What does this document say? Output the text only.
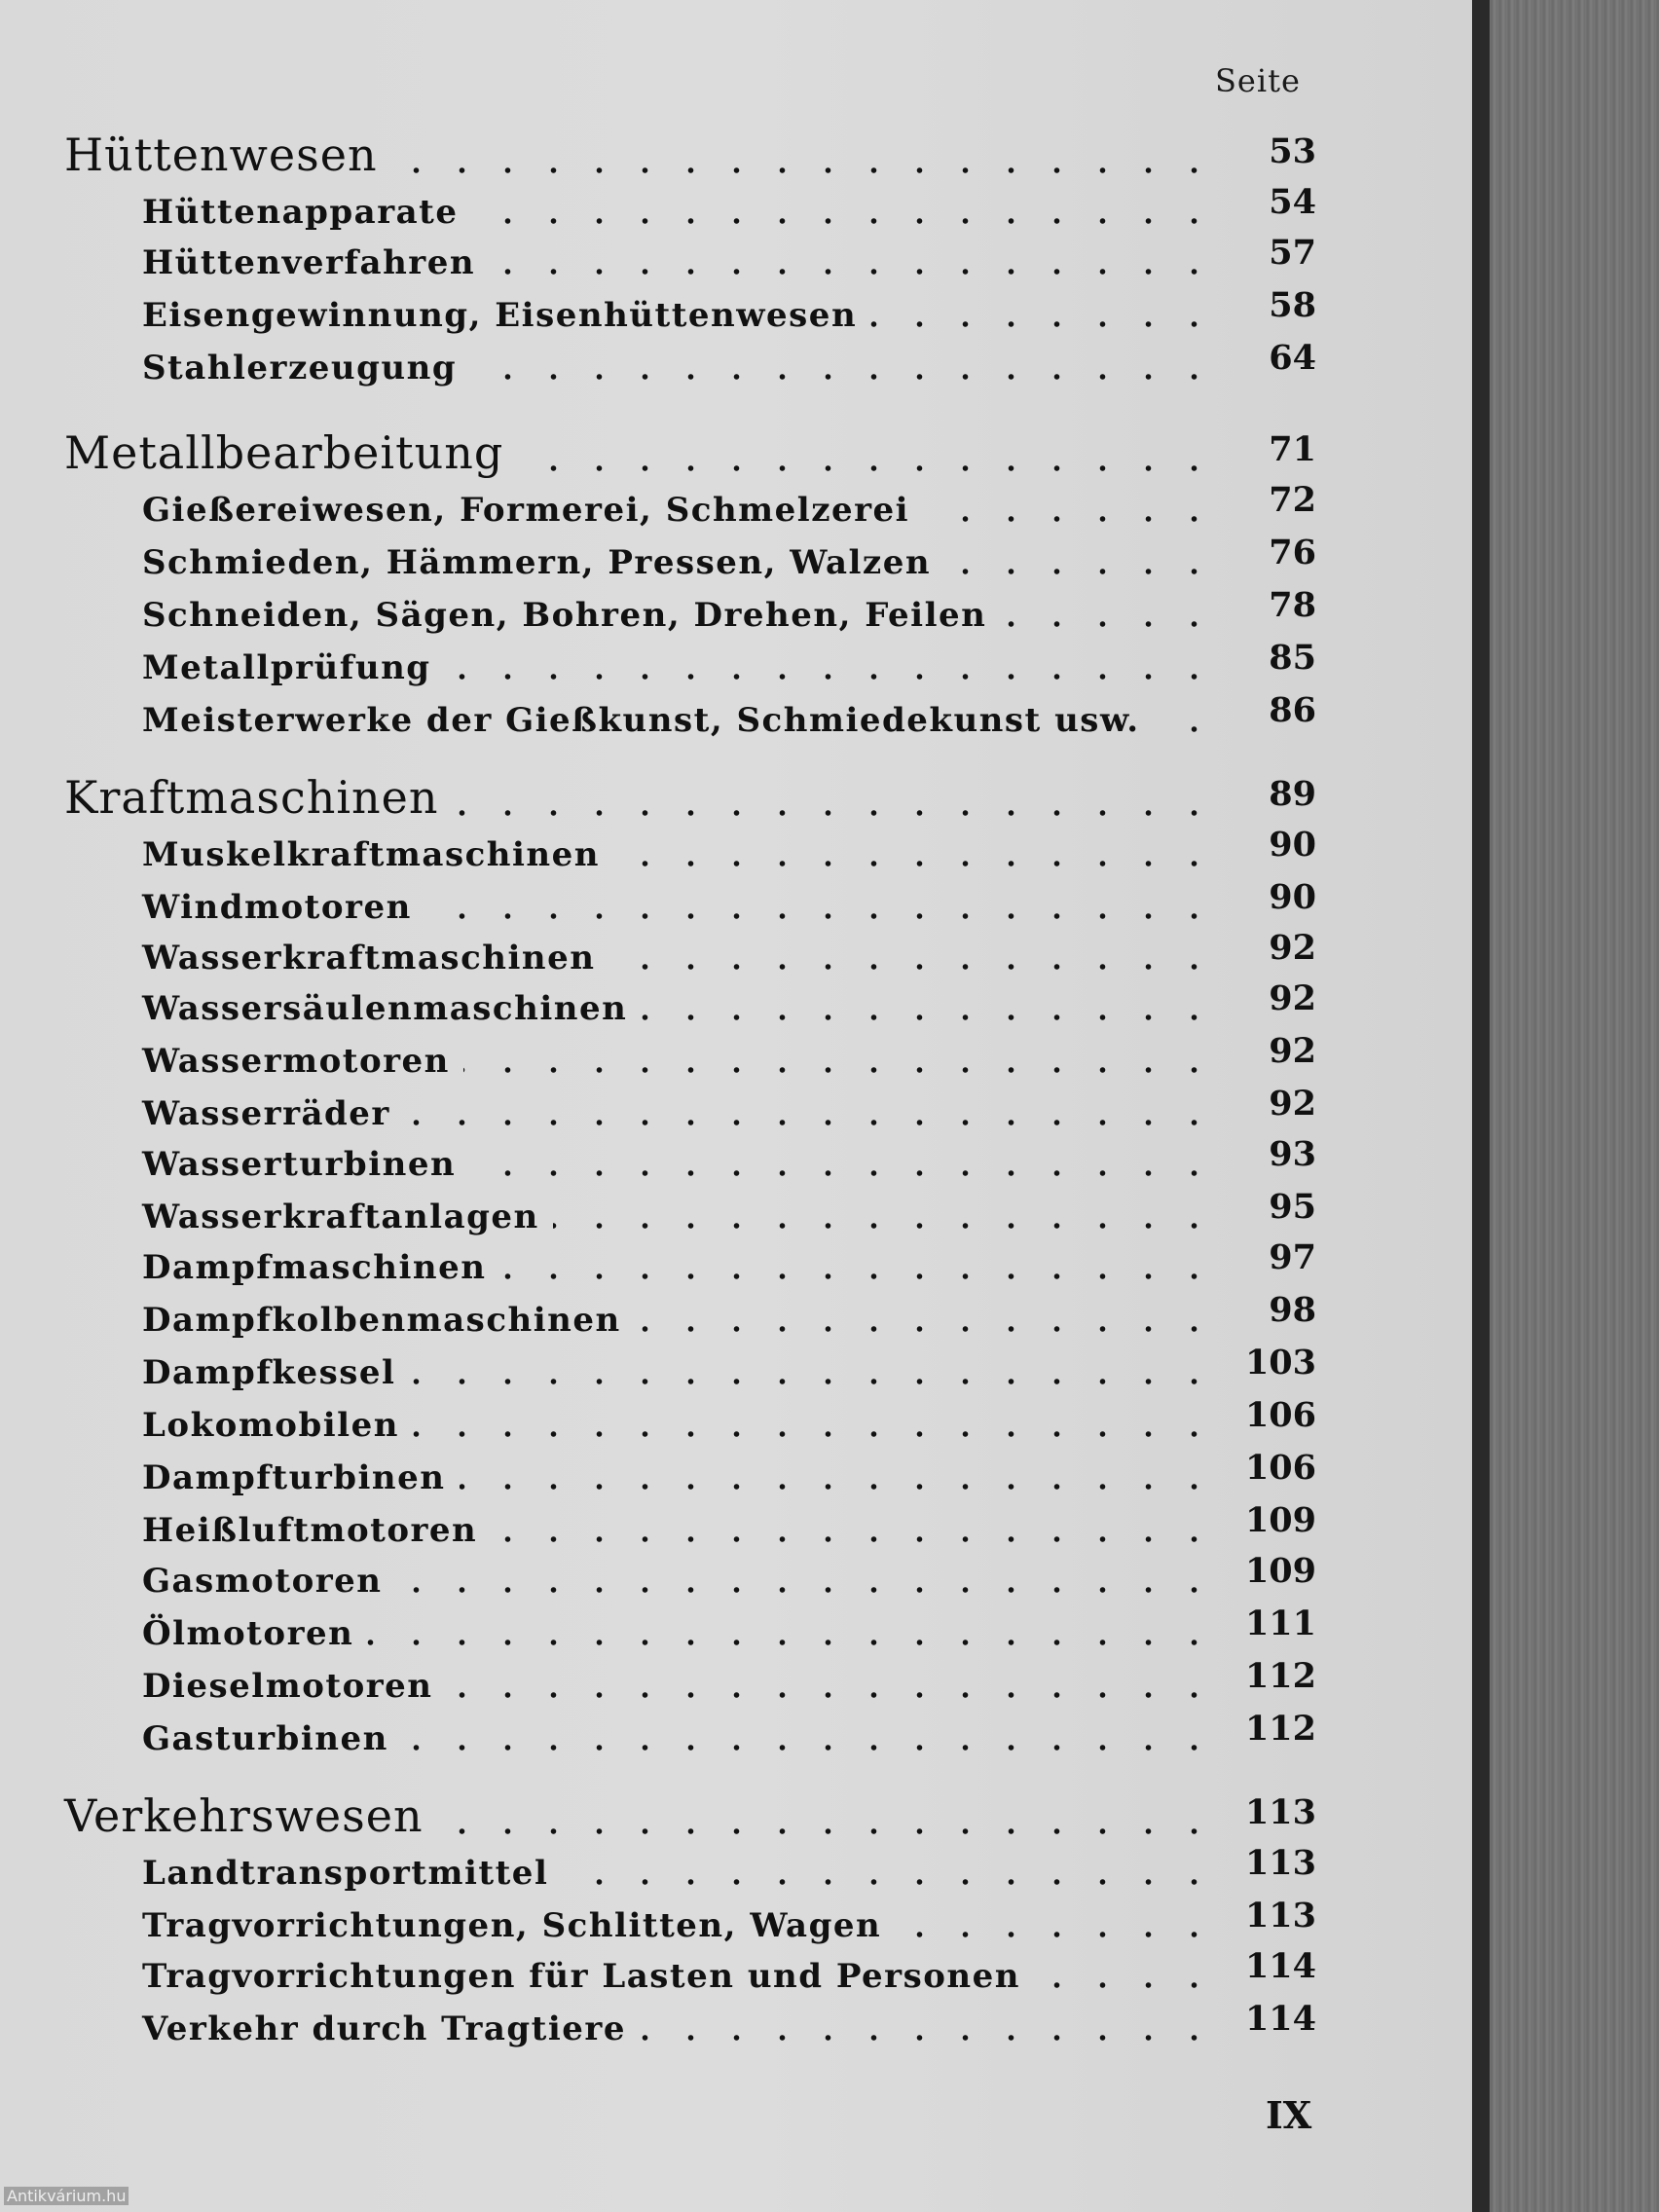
Seite
Hüttenwesen	53
Hüttenapparate	54
Hüttenverfahren	57
Eisengewinnung, Eisenhüttenwesen	58
Stahlerzeugung	64
Metallbearbeitung	71
Gießereiwesen, Formerei, Schmelzerei	72
Schmieden, Hämmern, Pressen, Walzen	76
Schneiden, Sägen, Bohren, Drehen, Feilen	78
Metallprüfung	85
Meisterwerke der Gießkunst, Schmiedekunst usw.	86
Kraftmaschinen	89
Muskelkraftmaschinen	90
Windmotoren	90
Wasserkraftmaschinen	92
Wassersäulenmaschinen	92
Wassermotoren	92
Wasserräder	92
Wasserturbinen	93
Wasserkraftanlagen	95
Dampfmaschinen	97
Dampfkolbenmaschinen	98
Dampfkessel	103
Lokomobilen	106
Dampfturbinen	106
Heißluftmotoren	109
Gasmotoren	109
Ölmotoren	111
Dieselmotoren	112
Gasturbinen	112
Verkehrswesen	113
Landtransportmittel	113
Tragvorrichtungen, Schlitten, Wagen	113
Tragvorrichtungen für Lasten und Personen	114
Verkehr durch Tragtiere	114
IX
Antikvárium.hu
